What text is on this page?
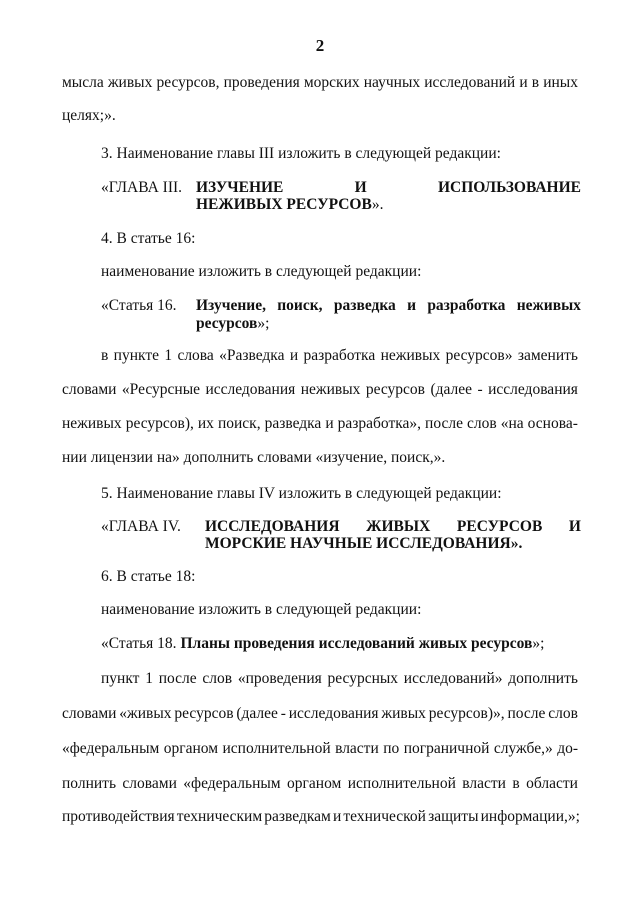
2
мысла живых ресурсов, проведения морских научных исследований и в иных
целях;».
3. Наименование главы III изложить в следующей редакции:
«ГЛАВА III. ИЗУЧЕНИЕ	И	ИСПОЛЬЗОВАНИЕ
НЕЖИВЫХ РЕСУРСОВ».
4. В статье 16:
наименование изложить в следующей редакции:
«Статья 16. Изучение, поиск, разведка и разработка неживых
ресурсов»;
в пункте 1 слова «Разведка и разработка неживых ресурсов» заменить
словами «Ресурсные исследования неживых ресурсов (далее - исследования
неживых ресурсов), их поиск, разведка и разработка», после слов «на основа-
нии лицензии на» дополнить словами «изучение, поиск,».
5. Наименование главы IV изложить в следующей редакции:
«ГЛАВА IV. ИССЛЕДОВАНИЯ ЖИВЫХ РЕСУРСОВ И
МОРСКИЕ НАУЧНЫЕ ИССЛЕДОВАНИЯ».
6. В статье 18:
наименование изложить в следующей редакции:
«Статья 18. Планы проведения исследований живых ресурсов»;
пункт 1 после слов «проведения ресурсных исследований» дополнить
словами «живых ресурсов (далее - исследования живых ресурсов)», после слов
«федеральным органом исполнительной власти по пограничной службе,» до-
полнить словами «федеральным органом исполнительной власти в области
противодействия техническим разведкам и технической защиты информации,»;
